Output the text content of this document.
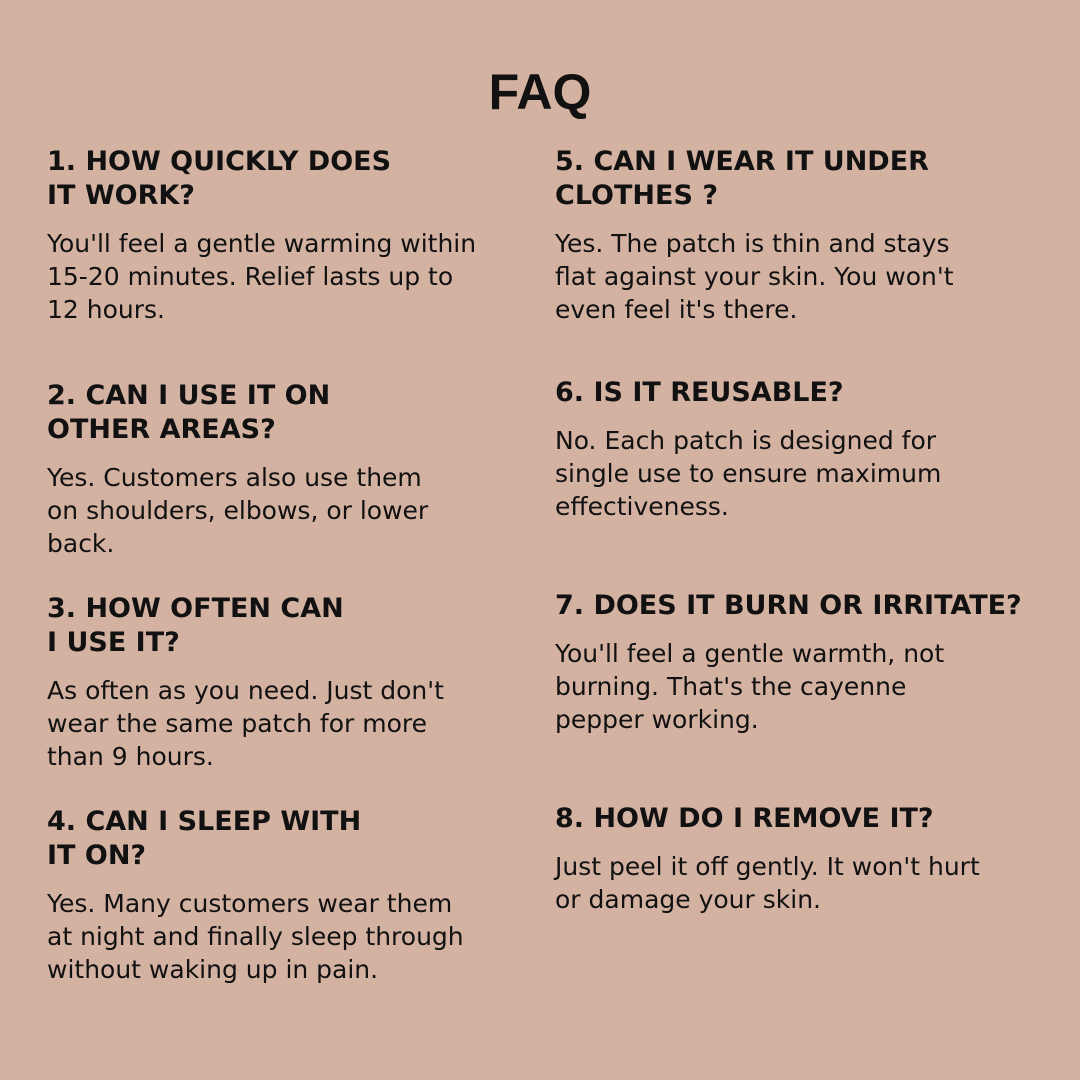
FAQ

1. HOW QUICKLY DOES
IT WORK?

You'll feel a gentle warming within
15-20 minutes. Relief lasts up to
12 hours.

2. CAN I USE IT ON
OTHER AREAS?

Yes. Customers also use them
on shoulders, elbows, or lower
back.

3. HOW OFTEN CAN
I USE IT?

As often as you need. Just don't
wear the same patch for more
than 9 hours.

4. CAN I SLEEP WITH
IT ON?

Yes. Many customers wear them
at night and finally sleep through
without waking up in pain.

5. CAN I WEAR IT UNDER
CLOTHES ?

Yes. The patch is thin and stays
flat against your skin. You won't
even feel it's there.

6. IS IT REUSABLE?

No. Each patch is designed for
single use to ensure maximum
effectiveness.

7. DOES IT BURN OR IRRITATE?

You'll feel a gentle warmth, not
burning. That's the cayenne
pepper working.

8. HOW DO I REMOVE IT?

Just peel it off gently. It won't hurt
or damage your skin.
